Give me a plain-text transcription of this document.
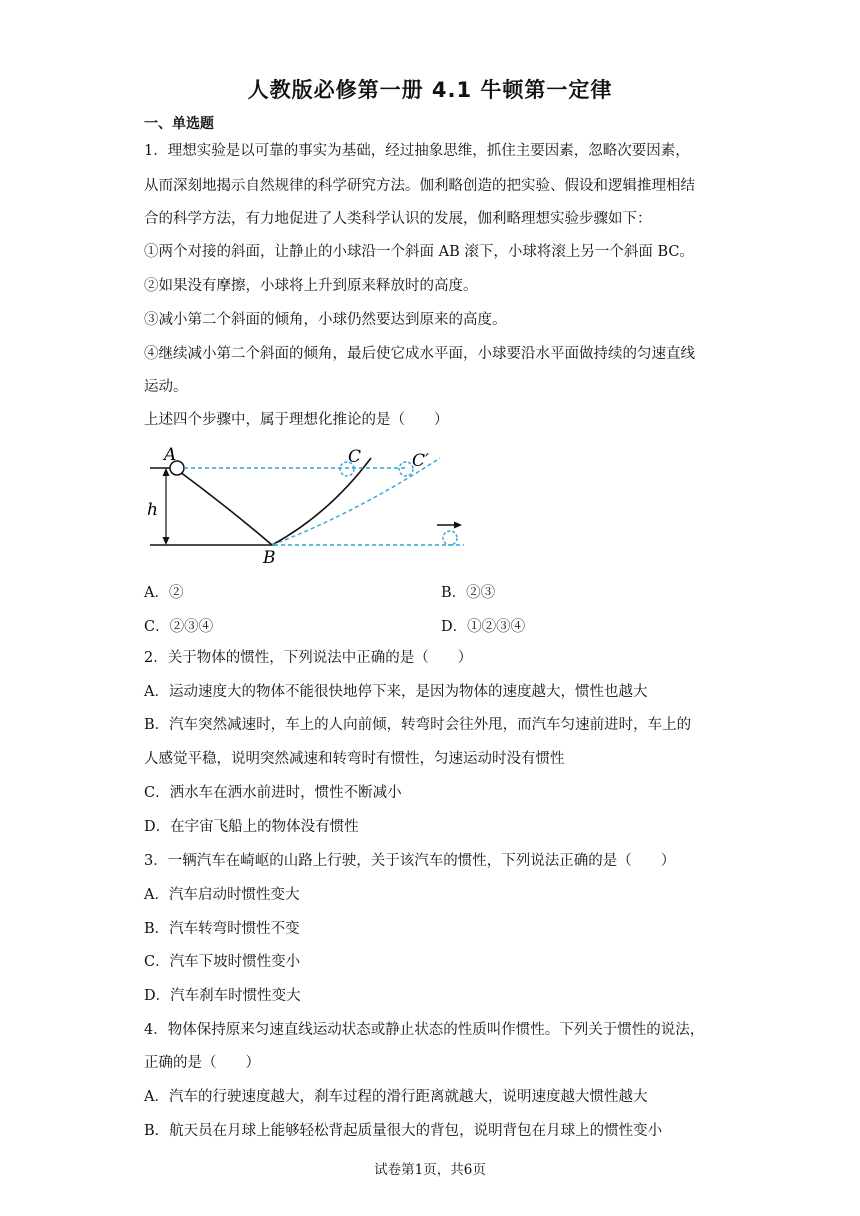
人教版必修第一册 4.1 牛顿第一定律
一、单选题
1．理想实验是以可靠的事实为基础，经过抽象思维，抓住主要因素，忽略次要因素，
从而深刻地揭示自然规律的科学研究方法。伽利略创造的把实验、假设和逻辑推理相结
合的科学方法，有力地促进了人类科学认识的发展，伽利略理想实验步骤如下：
①两个对接的斜面，让静止的小球沿一个斜面 AB 滚下，小球将滚上另一个斜面 BC。
②如果没有摩擦，小球将上升到原来释放时的高度。
③减小第二个斜面的倾角，小球仍然要达到原来的高度。
④继续减小第二个斜面的倾角，最后使它成水平面，小球要沿水平面做持续的匀速直线
运动。
上述四个步骤中，属于理想化推论的是（　　）
A	C	C′
h
B
A．②	B．②③
C．②③④	D．①②③④
2．关于物体的惯性，下列说法中正确的是（　　）
A．运动速度大的物体不能很快地停下来，是因为物体的速度越大，惯性也越大
B．汽车突然减速时，车上的人向前倾，转弯时会往外甩，而汽车匀速前进时，车上的
人感觉平稳，说明突然减速和转弯时有惯性，匀速运动时没有惯性
C．洒水车在洒水前进时，惯性不断减小
D．在宇宙飞船上的物体没有惯性
3．一辆汽车在崎岖的山路上行驶，关于该汽车的惯性，下列说法正确的是（　　）
A．汽车启动时惯性变大
B．汽车转弯时惯性不变
C．汽车下坡时惯性变小
D．汽车刹车时惯性变大
4．物体保持原来匀速直线运动状态或静止状态的性质叫作惯性。下列关于惯性的说法，
正确的是（　　）
A．汽车的行驶速度越大，刹车过程的滑行距离就越大，说明速度越大惯性越大
B．航天员在月球上能够轻松背起质量很大的背包，说明背包在月球上的惯性变小
试卷第1页，共6页
